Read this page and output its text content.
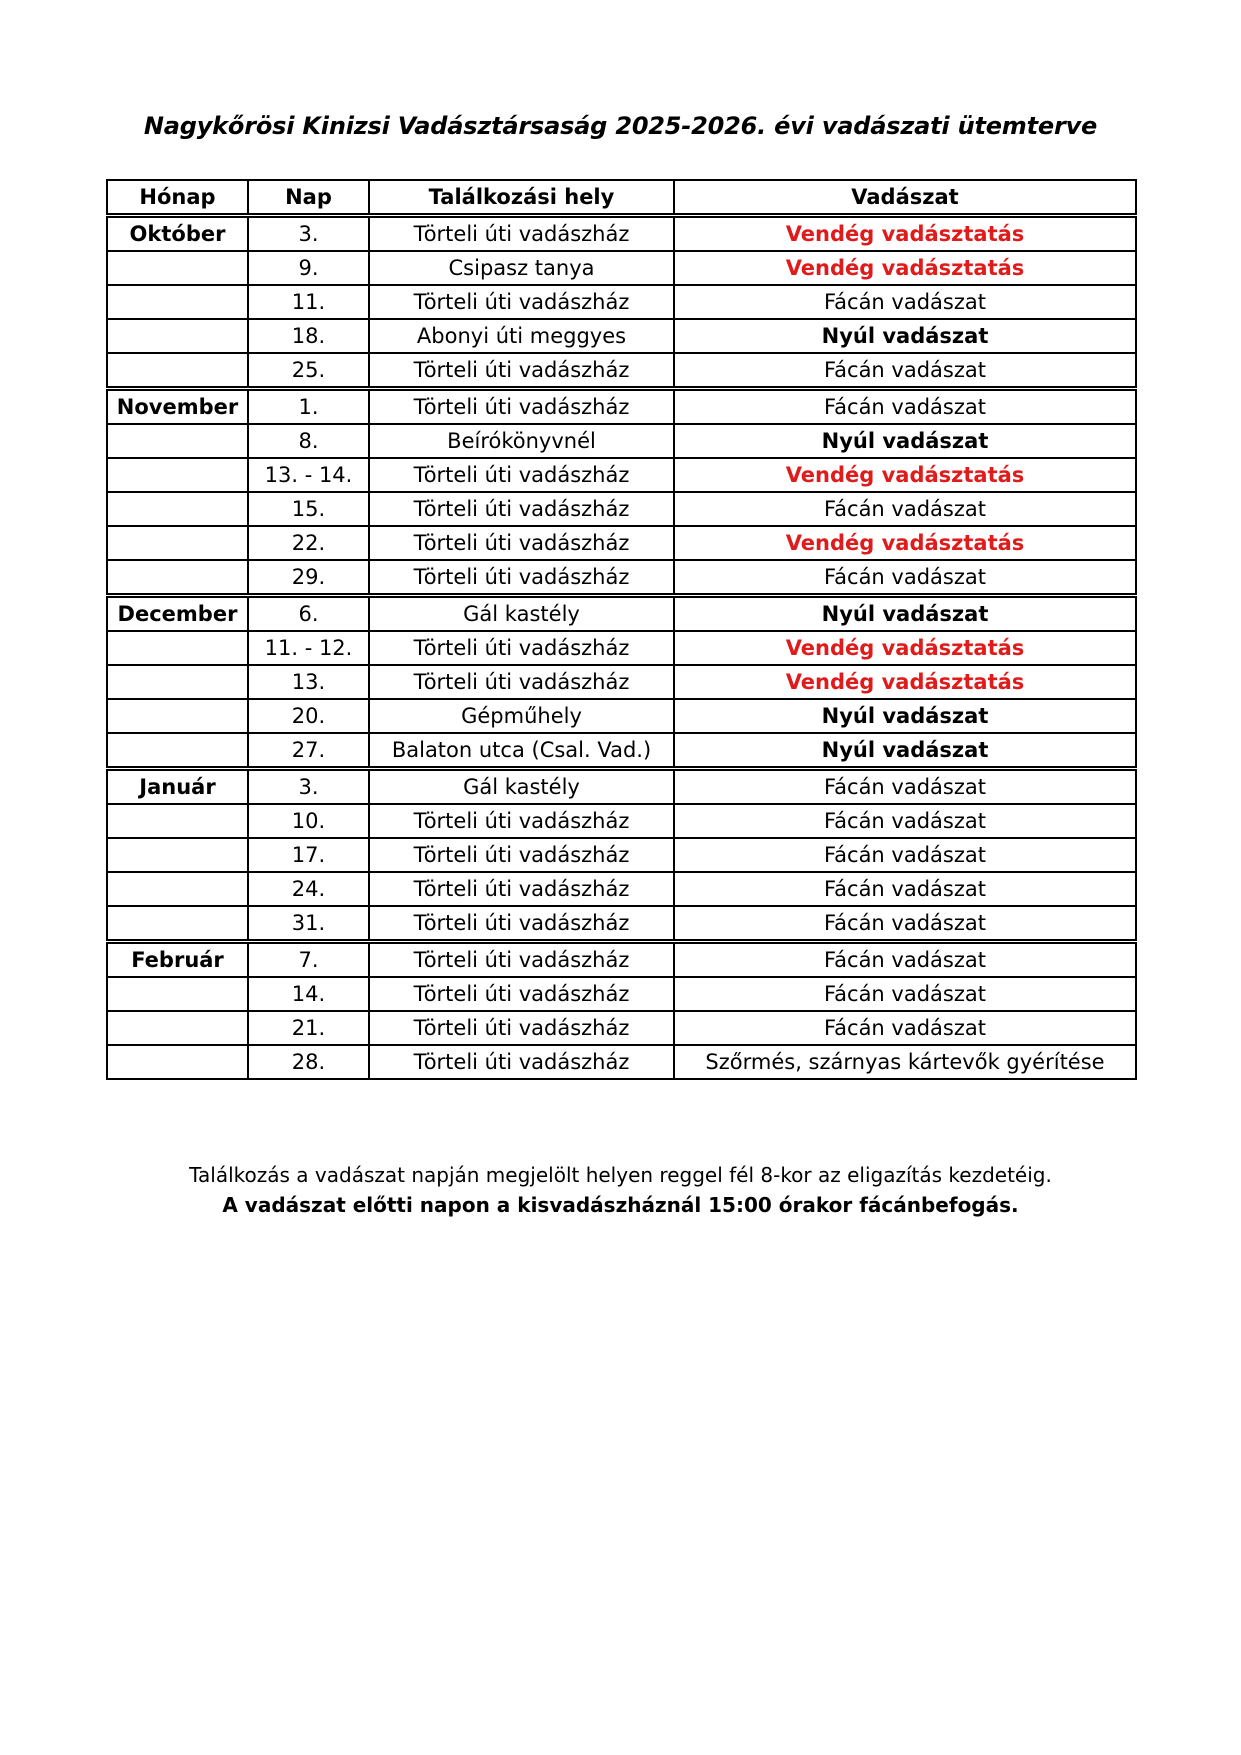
Nagykőrösi Kinizsi Vadásztársaság 2025-2026. évi vadászati ütemterve
Hónap	Nap	Találkozási hely	Vadászat
Október	3.	Törteli úti vadászház	Vendég vadásztatás
	9.	Csipasz tanya	Vendég vadásztatás
	11.	Törteli úti vadászház	Fácán vadászat
	18.	Abonyi úti meggyes	Nyúl vadászat
	25.	Törteli úti vadászház	Fácán vadászat
November	1.	Törteli úti vadászház	Fácán vadászat
	8.	Beírókönyvnél	Nyúl vadászat
	13. - 14.	Törteli úti vadászház	Vendég vadásztatás
	15.	Törteli úti vadászház	Fácán vadászat
	22.	Törteli úti vadászház	Vendég vadásztatás
	29.	Törteli úti vadászház	Fácán vadászat
December	6.	Gál kastély	Nyúl vadászat
	11. - 12.	Törteli úti vadászház	Vendég vadásztatás
	13.	Törteli úti vadászház	Vendég vadásztatás
	20.	Gépműhely	Nyúl vadászat
	27.	Balaton utca (Csal. Vad.)	Nyúl vadászat
Január	3.	Gál kastély	Fácán vadászat
	10.	Törteli úti vadászház	Fácán vadászat
	17.	Törteli úti vadászház	Fácán vadászat
	24.	Törteli úti vadászház	Fácán vadászat
	31.	Törteli úti vadászház	Fácán vadászat
Február	7.	Törteli úti vadászház	Fácán vadászat
	14.	Törteli úti vadászház	Fácán vadászat
	21.	Törteli úti vadászház	Fácán vadászat
	28.	Törteli úti vadászház	Szőrmés, szárnyas kártevők gyérítése
Találkozás a vadászat napján megjelölt helyen reggel fél 8-kor az eligazítás kezdetéig.
A vadászat előtti napon a kisvadászháznál 15:00 órakor fácánbefogás.
